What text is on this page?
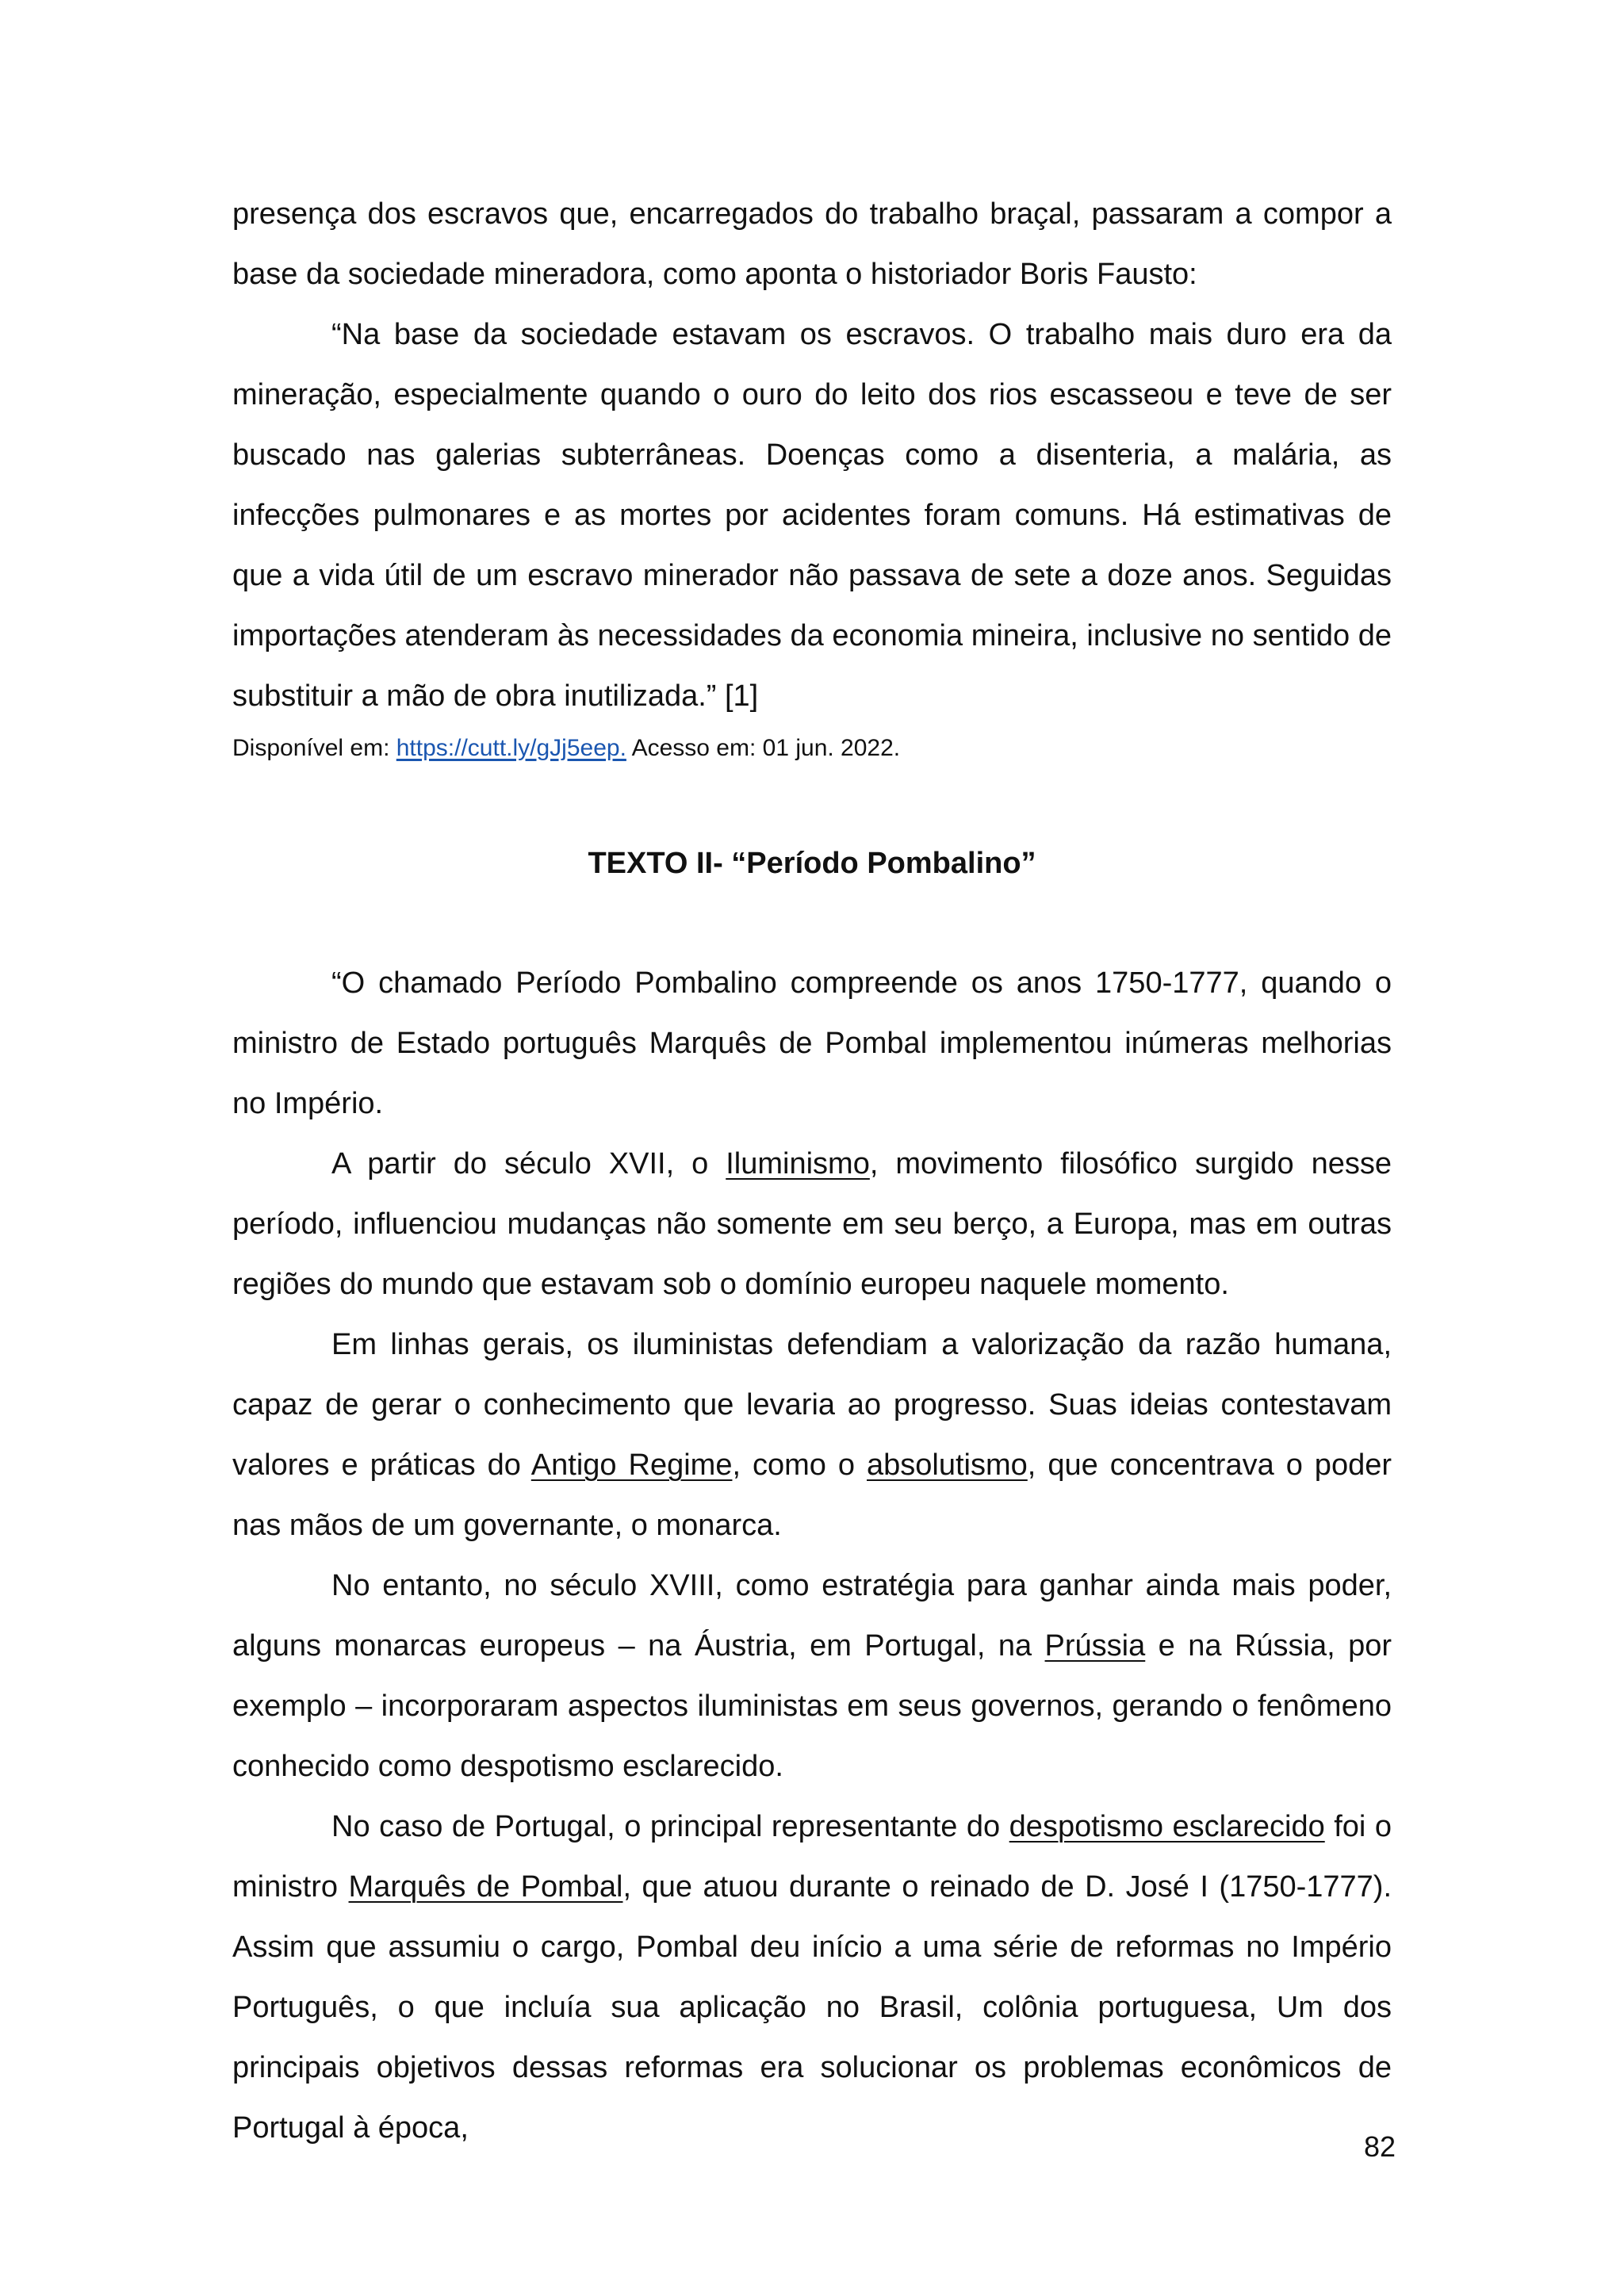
presença dos escravos que, encarregados do trabalho braçal, passaram a compor a base da sociedade mineradora, como aponta o historiador Boris Fausto:

“Na base da sociedade estavam os escravos. O trabalho mais duro era da mineração, especialmente quando o ouro do leito dos rios escasseou e teve de ser buscado nas galerias subterrâneas. Doenças como a disenteria, a malária, as infecções pulmonares e as mortes por acidentes foram comuns. Há estimativas de que a vida útil de um escravo minerador não passava de sete a doze anos. Seguidas importações atenderam às necessidades da economia mineira, inclusive no sentido de substituir a mão de obra inutilizada.” [1]

Disponível em: https://cutt.ly/gJj5eep. Acesso em: 01 jun. 2022.
TEXTO II- “Período Pombalino”

“O chamado Período Pombalino compreende os anos 1750-1777, quando o ministro de Estado português Marquês de Pombal implementou inúmeras melhorias no Império.

A partir do século XVII, o Iluminismo, movimento filosófico surgido nesse período, influenciou mudanças não somente em seu berço, a Europa, mas em outras regiões do mundo que estavam sob o domínio europeu naquele momento.

Em linhas gerais, os iluministas defendiam a valorização da razão humana, capaz de gerar o conhecimento que levaria ao progresso. Suas ideias contestavam valores e práticas do Antigo Regime, como o absolutismo, que concentrava o poder nas mãos de um governante, o monarca.

No entanto, no século XVIII, como estratégia para ganhar ainda mais poder, alguns monarcas europeus – na Áustria, em Portugal, na Prússia e na Rússia, por exemplo – incorporaram aspectos iluministas em seus governos, gerando o fenômeno conhecido como despotismo esclarecido.

No caso de Portugal, o principal representante do despotismo esclarecido foi o ministro Marquês de Pombal, que atuou durante o reinado de D. José I (1750-1777). Assim que assumiu o cargo, Pombal deu início a uma série de reformas no Império Português, o que incluía sua aplicação no Brasil, colônia portuguesa, Um dos principais objetivos dessas reformas era solucionar os problemas econômicos de Portugal à época,

82
